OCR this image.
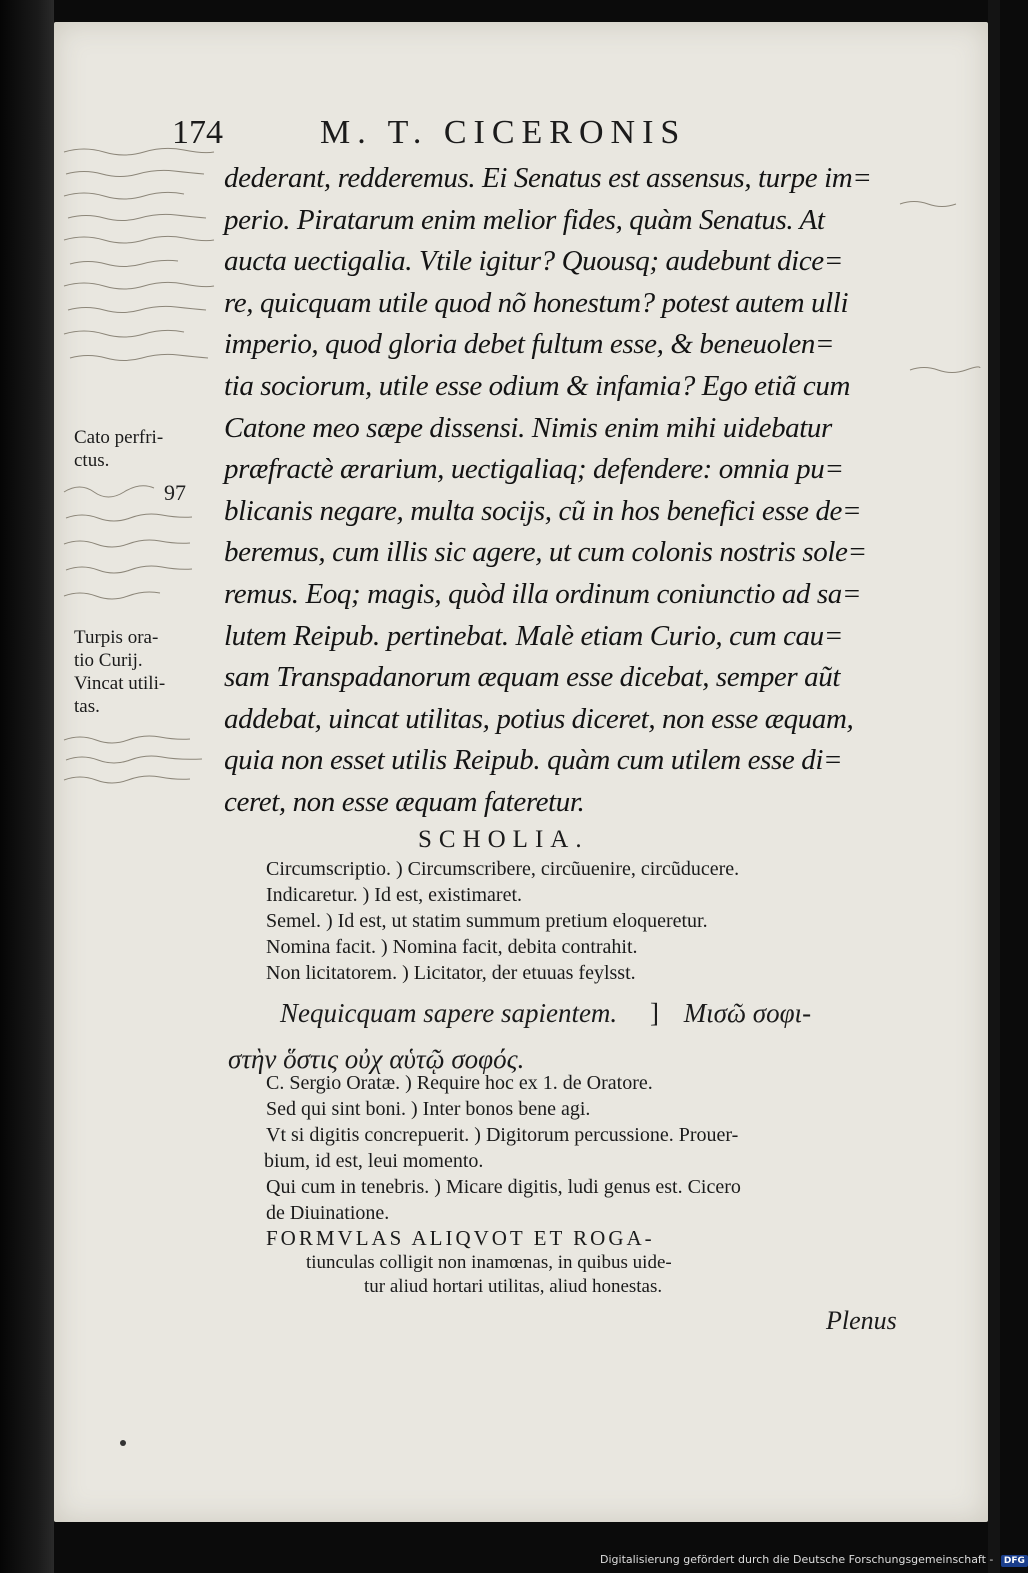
174	M. T. CICERONIS
dederant, redderemus. Ei Senatus est assensus, turpe im=
perio. Piratarum enim melior fides, quàm Senatus. At
aucta uectigalia. Vtile igitur? Quousq; audebunt dice=
re, quicquam utile quod nõ honestum? potest autem ulli
imperio, quod gloria debet fultum esse, & beneuolen=
tia sociorum, utile esse odium & infamia? Ego etiã cum
Catone meo sæpe dissensi. Nimis enim mihi uidebatur
præfractè ærarium, uectigaliaq; defendere: omnia pu=
blicanis negare, multa socijs, cũ in hos benefici esse de=
beremus, cum illis sic agere, ut cum colonis nostris sole=
remus. Eoq; magis, quòd illa ordinum coniunctio ad sa=
lutem Reipub. pertinebat. Malè etiam Curio, cum cau=
sam Transpadanorum æquam esse dicebat, semper aũt
addebat, uincat utilitas, potius diceret, non esse æquam,
quia non esset utilis Reipub. quàm cum utilem esse di=
ceret, non esse æquam fateretur.
Cato perfri-
ctus.
97
Turpis ora-
tio Curij.
Vincat utili-
tas.
SCHOLIA.
Circumscriptio. ) Circumscribere, circũuenire, circũducere.
Indicaretur. ) Id est, existimaret.
Semel. ) Id est, ut statim summum pretium eloqueretur.
Nomina facit. ) Nomina facit, debita contrahit.
Non licitatorem. ) Licitator, der etuuas feylsst.
Nequicquam sapere sapientem. ] Μισῶ σοφι-
στὴν ὅστις οὐχ αὑτῷ σοφός.
C. Sergio Oratæ. ) Require hoc ex 1. de Oratore.
Sed qui sint boni. ) Inter bonos bene agi.
Vt si digitis concrepuerit. ) Digitorum percussione. Prouer-
bium, id est, leui momento.
Qui cum in tenebris. ) Micare digitis, ludi genus est. Cicero
de Diuinatione.
FORMVLAS ALIQVOT ET ROGA-
tiunculas colligit non inamœnas, in quibus uide-
tur aliud hortari utilitas, aliud honestas.
Plenus
Digitalisierung gefördert durch die Deutsche Forschungsgemeinschaft - DFG
